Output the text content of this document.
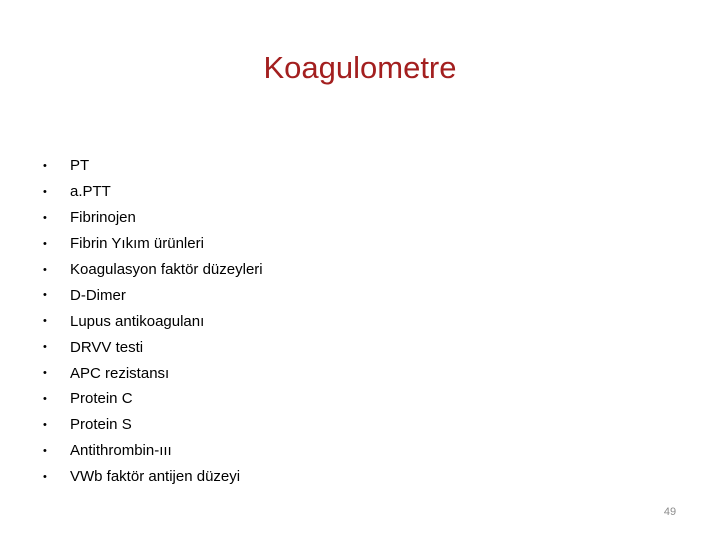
Koagulometre
•	PT
•	a.PTT
•	Fibrinojen
•	Fibrin Yıkım ürünleri
•	Koagulasyon faktör düzeyleri
•	D-Dimer
•	Lupus antikoagulanı
•	DRVV testi
•	APC rezistansı
•	Protein C
•	Protein S
•	Antithrombin-ııı
•	VWb faktör antijen düzeyi
49
